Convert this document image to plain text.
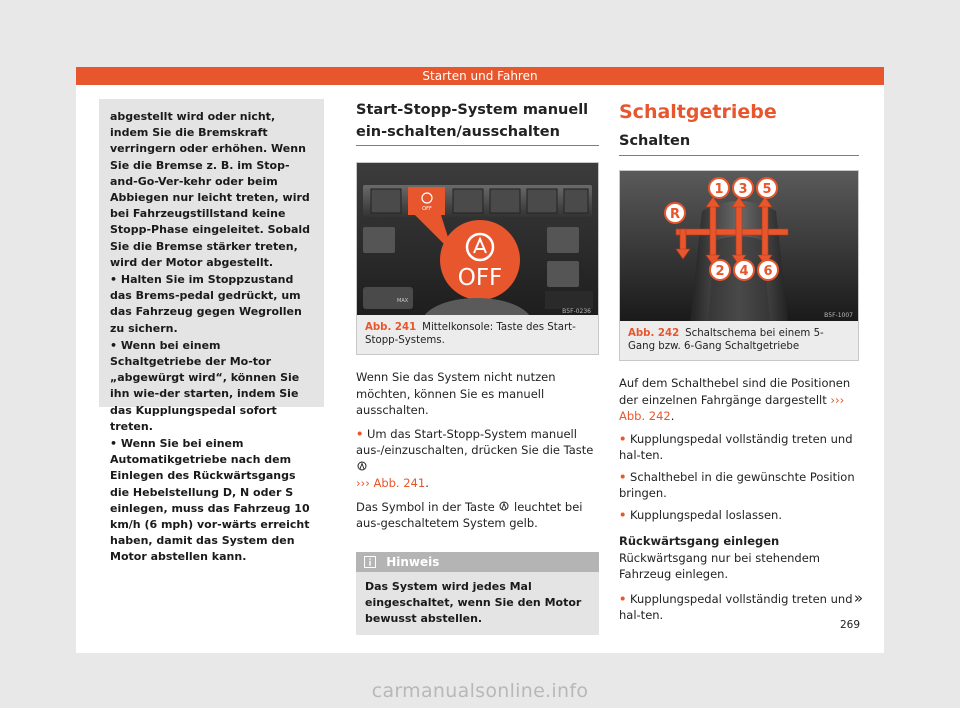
Starten und Fahren

abgestellt wird oder nicht, indem Sie die Bremskraft verringern oder erhöhen. Wenn Sie die Bremse z. B. im Stop-and-Go-Ver-kehr oder beim Abbiegen nur leicht treten, wird bei Fahrzeugstillstand keine Stopp-Phase eingeleitet. Sobald Sie die Bremse stärker treten, wird der Motor abgestellt.

• Halten Sie im Stoppzustand das Brems-pedal gedrückt, um das Fahrzeug gegen Wegrollen zu sichern.

• Wenn bei einem Schaltgetriebe der Mo-tor „abgewürgt wird“, können Sie ihn wie-der starten, indem Sie das Kupplungspedal sofort treten.

• Wenn Sie bei einem Automatikgetriebe nach dem Einlegen des Rückwärtsgangs die Hebelstellung D, N oder S einlegen, muss das Fahrzeug 10 km/h (6 mph) vor-wärts erreicht haben, damit das System den Motor abstellen kann.

Start-Stopp-System manuell ein-schalten/ausschalten
OFF
OFF
MAX
B5F-0236
Abb. 241 Mittelkonsole: Taste des Start-Stopp-Systems.

Wenn Sie das System nicht nutzen möchten, können Sie es manuell ausschalten.

• Um das Start-Stopp-System manuell aus-/einzuschalten, drücken Sie die Taste
››› Abb. 241.

Das Symbol in der Taste leuchtet bei aus-geschaltetem System gelb.

Hinweis
Das System wird jedes Mal eingeschaltet, wenn Sie den Motor bewusst abstellen.
Schaltgetriebe
Schalten
1 3 5
R
2 4 6
B5F-1007
Abb. 242 Schaltschema bei einem 5-Gang bzw. 6-Gang Schaltgetriebe

Auf dem Schalthebel sind die Positionen der einzelnen Fahrgänge dargestellt ››› Abb. 242.

• Kupplungspedal vollständig treten und hal-ten.

• Schalthebel in die gewünschte Position bringen.

• Kupplungspedal loslassen.

Rückwärtsgang einlegen

Rückwärtsgang nur bei stehendem Fahrzeug einlegen.

• Kupplungspedal vollständig treten und hal-ten.

»
269
carmanualsonline.info
